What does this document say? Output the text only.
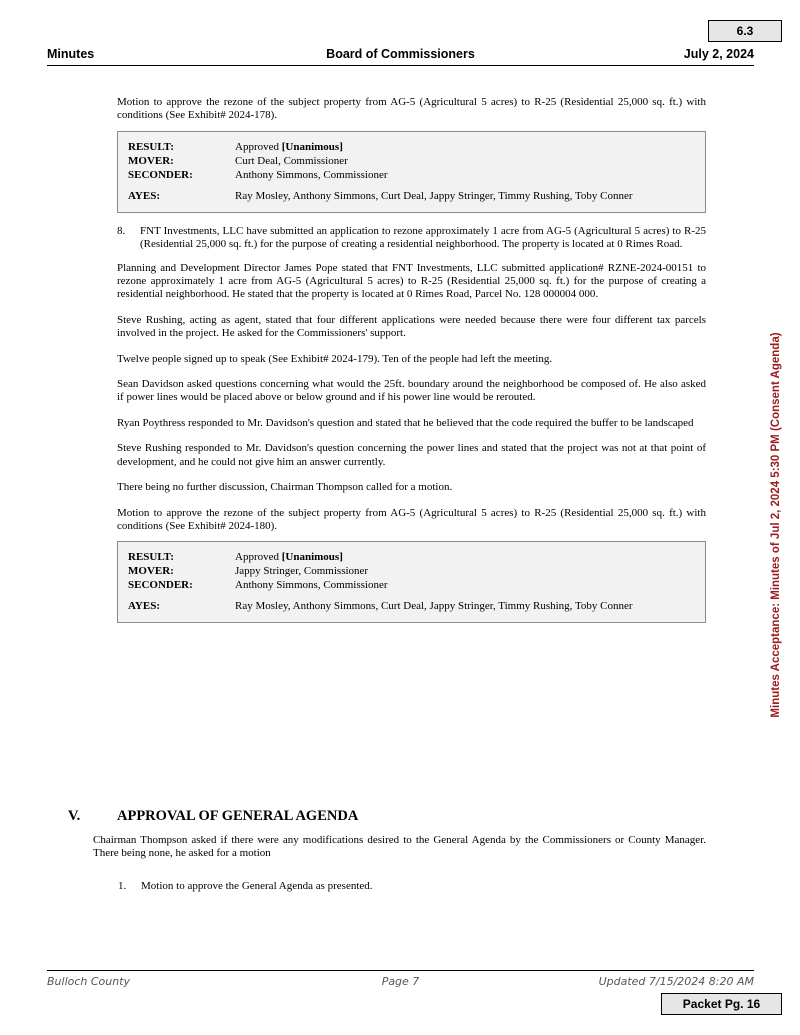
6.3
Minutes	Board of Commissioners	July 2, 2024

Motion to approve the rezone of the subject property from AG-5 (Agricultural 5 acres) to R-25 (Residential 25,000 sq. ft.) with conditions (See Exhibit# 2024-178).

RESULT:	Approved [Unanimous]
MOVER:	Curt Deal, Commissioner
SECONDER:	Anthony Simmons, Commissioner
AYES:	Ray Mosley, Anthony Simmons, Curt Deal, Jappy Stringer, Timmy Rushing, Toby Conner
8.	FNT Investments, LLC have submitted an application to rezone approximately 1 acre from AG-5 (Agricultural 5 acres) to R-25 (Residential 25,000 sq. ft.) for the purpose of creating a residential neighborhood. The property is located at 0 Rimes Road.

Planning and Development Director James Pope stated that FNT Investments, LLC submitted application# RZNE-2024-00151 to rezone approximately 1 acre from AG-5 (Agricultural 5 acres) to R-25 (Residential 25,000 sq. ft.) for the purpose of creating a residential neighborhood. He stated that the property is located at 0 Rimes Road, Parcel No. 128 000004 000.

Steve Rushing, acting as agent, stated that four different applications were needed because there were four different tax parcels involved in the project. He asked for the Commissioners' support.

Twelve people signed up to speak (See Exhibit# 2024-179). Ten of the people had left the meeting.

Sean Davidson asked questions concerning what would the 25ft. boundary around the neighborhood be composed of. He also asked if power lines would be placed above or below ground and if his power line would be rerouted.

Ryan Poythress responded to Mr. Davidson's question and stated that he believed that the code required the buffer to be landscaped

Steve Rushing responded to Mr. Davidson's question concerning the power lines and stated that the project was not at that point of development, and he could not give him an answer currently.

There being no further discussion, Chairman Thompson called for a motion.

Motion to approve the rezone of the subject property from AG-5 (Agricultural 5 acres) to R-25 (Residential 25,000 sq. ft.) with conditions (See Exhibit# 2024-180).

RESULT:	Approved [Unanimous]
MOVER:	Jappy Stringer, Commissioner
SECONDER:	Anthony Simmons, Commissioner
AYES:	Ray Mosley, Anthony Simmons, Curt Deal, Jappy Stringer, Timmy Rushing, Toby Conner
V.	APPROVAL OF GENERAL AGENDA

Chairman Thompson asked if there were any modifications desired to the General Agenda by the Commissioners or County Manager. There being none, he asked for a motion

1. Motion to approve the General Agenda as presented.
Minutes Acceptance: Minutes of Jul 2, 2024 5:30 PM (Consent Agenda)
Bulloch County	Page 7	Updated 7/15/2024 8:20 AM
Packet Pg. 16
